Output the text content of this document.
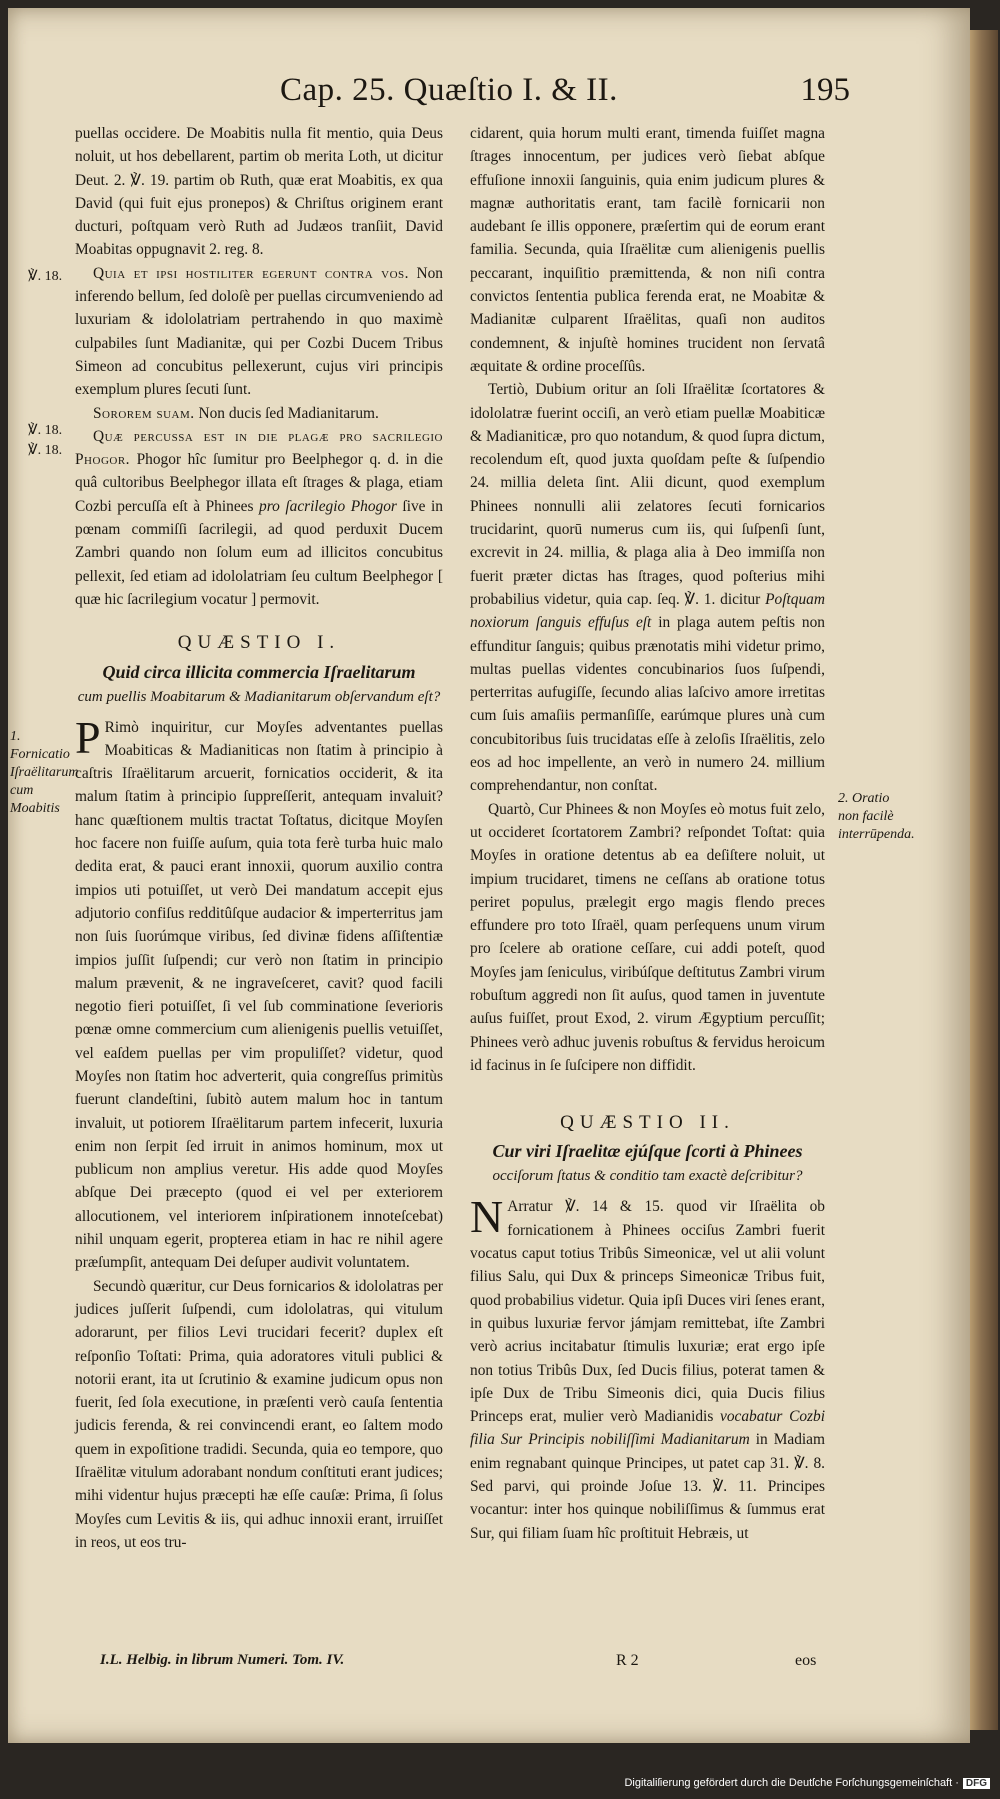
Cap. 25. Quæſtio I. & II.	195
℣. 18.
℣. 18.
℣. 18.
1. Fornicatio Iſraëlitarum cum Moabitis
2. Oratio non facilè interrūpenda.

puellas occidere. De Moabitis nulla fit mentio, quia Deus noluit, ut hos debellarent, partim ob merita Loth, ut dicitur Deut. 2. ℣. 19. partim ob Ruth, quæ erat Moabitis, ex qua David (qui fuit ejus pronepos) & Chriſtus originem erant ducturi, poſtquam verò Ruth ad Judæos tranſiit, David Moabitas oppugnavit 2. reg. 8.

Quia et ipsi hostiliter egerunt contra vos. Non inferendo bellum, ſed doloſè per puellas circumveniendo ad luxuriam & idololatriam pertrahendo in quo maximè culpabiles ſunt Madianitæ, qui per Cozbi Ducem Tribus Simeon ad concubitus pellexerunt, cujus viri principis exemplum plures ſecuti ſunt.

Sororem suam. Non ducis ſed Madianitarum.

Quæ percussa est in die plagæ pro sacrilegio Phogor. Phogor hîc ſumitur pro Beelphegor q. d. in die quâ cultoribus Beelphegor illata eſt ſtrages & plaga, etiam Cozbi percuſſa eſt à Phinees pro ſacrilegio Phogor ſive in pœnam commiſſi ſacrilegii, ad quod perduxit Ducem Zambri quando non ſolum eum ad illicitos concubitus pellexit, ſed etiam ad idololatriam ſeu cultum Beelphegor [ quæ hic ſacrilegium vocatur ] permovit.

QUÆSTIO I.
Quid circa illicita commercia Iſraelitarum
cum puellis Moabitarum & Madianitarum obſervandum eſt?

P Rimò inquiritur, cur Moyſes adventantes puellas Moabiticas & Madianiticas non ſtatim à principio à caſtris Iſraëlitarum arcuerit, fornicatios occiderit, & ita malum ſtatim à principio ſuppreſſerit, antequam invaluit? hanc quæſtionem multis tractat Toſtatus, dicitque Moyſen hoc facere non fuiſſe auſum, quia tota ferè turba huic malo dedita erat, & pauci erant innoxii, quorum auxilio contra impios uti potuiſſet, ut verò Dei mandatum accepit ejus adjutorio confiſus redditûſque audacior & imperterritus jam non ſuis ſuorúmque viribus, ſed divinæ fidens aſſiſtentiæ impios juſſit ſuſpendi; cur verò non ſtatim in principio malum prævenit, & ne ingraveſceret, cavit? quod facili negotio fieri potuiſſet, ſi vel ſub comminatione ſeverioris pœnæ omne commercium cum alienigenis puellis vetuiſſet, vel eaſdem puellas per vim propuliſſet? videtur, quod Moyſes non ſtatim hoc adverterit, quia congreſſus primitùs fuerunt clandeſtini, ſubitò autem malum hoc in tantum invaluit, ut potiorem Iſraëlitarum partem infecerit, luxuria enim non ſerpit ſed irruit in animos hominum, mox ut publicum non amplius veretur. His adde quod Moyſes abſque Dei præcepto (quod ei vel per exteriorem allocutionem, vel interiorem inſpirationem innoteſcebat) nihil unquam egerit, propterea etiam in hac re nihil agere præſumpſit, antequam Dei deſuper audivit voluntatem.

Secundò quæritur, cur Deus fornicarios & idololatras per judices juſſerit ſuſpendi, cum idololatras, qui vitulum adorarunt, per filios Levi trucidari fecerit? duplex eſt reſponſio Toſtati: Prima, quia adoratores vituli publici & notorii erant, ita ut ſcrutinio & examine judicum opus non fuerit, ſed ſola executione, in præſenti verò cauſa ſententia judicis ferenda, & rei convincendi erant, eo ſaltem modo quem in expoſitione tradidi. Secunda, quia eo tempore, quo Iſraëlitæ vitulum adorabant nondum conſtituti erant judices; mihi videntur hujus præcepti hæ eſſe cauſæ: Prima, ſi ſolus Moyſes cum Levitis & iis, qui adhuc innoxii erant, irruiſſet in reos, ut eos tru-

cidarent, quia horum multi erant, timenda fuiſſet magna ſtrages innocentum, per judices verò ſiebat abſque effuſione innoxii ſanguinis, quia enim judicum plures & magnæ authoritatis erant, tam facilè fornicarii non audebant ſe illis opponere, præſertim qui de eorum erant familia. Secunda, quia Iſraëlitæ cum alienigenis puellis peccarant, inquiſitio præmittenda, & non niſi contra convictos ſententia publica ferenda erat, ne Moabitæ & Madianitæ culparent Iſraëlitas, quaſi non auditos condemnent, & injuſtè homines trucident non ſervatâ æquitate & ordine proceſſûs.

Tertiò, Dubium oritur an ſoli Iſraëlitæ ſcortatores & idololatræ fuerint occiſi, an verò etiam puellæ Moabiticæ & Madianiticæ, pro quo notandum, & quod ſupra dictum, recolendum eſt, quod juxta quoſdam peſte & ſuſpendio 24. millia deleta ſint. Alii dicunt, quod exemplum Phinees nonnulli alii zelatores ſecuti fornicarios trucidarint, quorū numerus cum iis, qui ſuſpenſi ſunt, excrevit in 24. millia, & plaga alia à Deo immiſſa non fuerit præter dictas has ſtrages, quod poſterius mihi probabilius videtur, quia cap. ſeq. ℣. 1. dicitur Poſtquam noxiorum ſanguis effuſus eſt in plaga autem peſtis non effunditur ſanguis; quibus prænotatis mihi videtur primo, multas puellas videntes concubinarios ſuos ſuſpendi, perterritas aufugiſſe, ſecundo alias laſcivo amore irretitas cum ſuis amaſiis permanſiſſe, earúmque plures unà cum concubitoribus ſuis trucidatas eſſe à zeloſis Iſraëlitis, zelo eos ad hoc impellente, an verò in numero 24. millium comprehendantur, non conſtat.

Quartò, Cur Phinees & non Moyſes eò motus fuit zelo, ut occideret ſcortatorem Zambri? reſpondet Toſtat: quia Moyſes in oratione detentus ab ea deſiſtere noluit, ut impium trucidaret, timens ne ceſſans ab oratione totus periret populus, prælegit ergo magis flendo preces effundere pro toto Iſraël, quam perſequens unum virum pro ſcelere ab oratione ceſſare, cui addi poteſt, quod Moyſes jam ſeniculus, viribúſque deſtitutus Zambri virum robuſtum aggredi non ſit auſus, quod tamen in juventute auſus fuiſſet, prout Exod, 2. virum Ægyptium percuſſit; Phinees verò adhuc juvenis robuſtus & fervidus heroicum id facinus in ſe ſuſcipere non diffidit.

QUÆSTIO II.
Cur viri Iſraelitæ ejúſque ſcorti à Phinees
occiſorum ſtatus & conditio tam exactè deſcribitur?

N Arratur ℣. 14 & 15. quod vir Iſraëlita ob fornicationem à Phinees occiſus Zambri fuerit vocatus caput totius Tribûs Simeonicæ, vel ut alii volunt filius Salu, qui Dux & princeps Simeonicæ Tribus fuit, quod probabilius videtur. Quia ipſi Duces viri ſenes erant, in quibus luxuriæ fervor jámjam remittebat, iſte Zambri verò acrius incitabatur ſtimulis luxuriæ; erat ergo ipſe non totius Tribûs Dux, ſed Ducis filius, poterat tamen & ipſe Dux de Tribu Simeonis dici, quia Ducis filius Princeps erat, mulier verò Madianidis vocabatur Cozbi filia Sur Principis nobiliſſimi Madianitarum in Madiam enim regnabant quinque Principes, ut patet cap 31. ℣. 8. Sed parvi, qui proinde Joſue 13. ℣. 11. Principes vocantur: inter hos quinque nobiliſſimus & ſummus erat Sur, qui filiam ſuam hîc proſtituit Hebræis, ut

I.L. Helbig. in librum Numeri. Tom. IV.	R 2	eos
Digitaliſierung gefördert durch die Deutſche Forſchungsgemeinſchaft · DFG
